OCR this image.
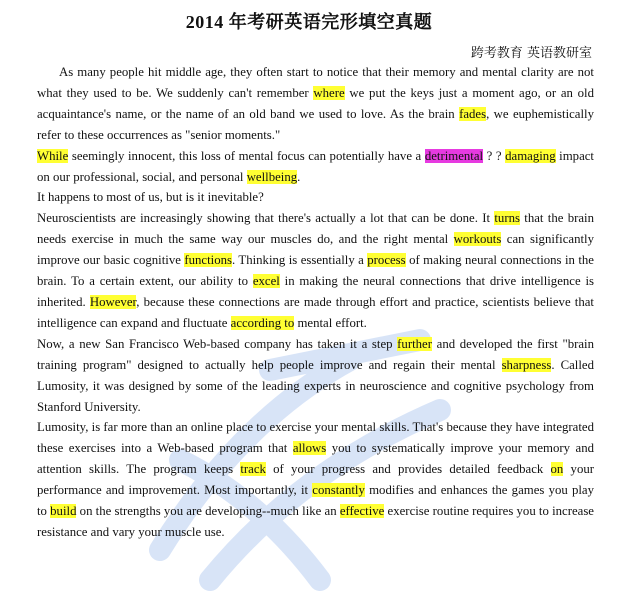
2014 年考研英语完形填空真题
跨考教育 英语教研室

As many people hit middle age, they often start to notice that their memory and mental clarity are not what they used to be. We suddenly can't remember where we put the keys just a moment ago, or an old acquaintance's name, or the name of an old band we used to love. As the brain fades, we euphemistically refer to these occurrences as "senior moments."

While seemingly innocent, this loss of mental focus can potentially have a detrimental ? ? damaging impact on our professional, social, and personal wellbeing.

It happens to most of us, but is it inevitable?

Neuroscientists are increasingly showing that there's actually a lot that can be done. It turns that the brain needs exercise in much the same way our muscles do, and the right mental workouts can significantly improve our basic cognitive functions. Thinking is essentially a process of making neural connections in the brain. To a certain extent, our ability to excel in making the neural connections that drive intelligence is inherited. However, because these connections are made through effort and practice, scientists believe that intelligence can expand and fluctuate according to mental effort.

Now, a new San Francisco Web-based company has taken it a step further and developed the first "brain training program" designed to actually help people improve and regain their mental sharpness. Called Lumosity, it was designed by some of the leading experts in neuroscience and cognitive psychology from Stanford University.

Lumosity, is far more than an online place to exercise your mental skills. That's because they have integrated these exercises into a Web-based program that allows you to systematically improve your memory and attention skills. The program keeps track of your progress and provides detailed feedback on your performance and improvement. Most importantly, it constantly modifies and enhances the games you play to build on the strengths you are developing--much like an effective exercise routine requires you to increase resistance and vary your muscle use.
